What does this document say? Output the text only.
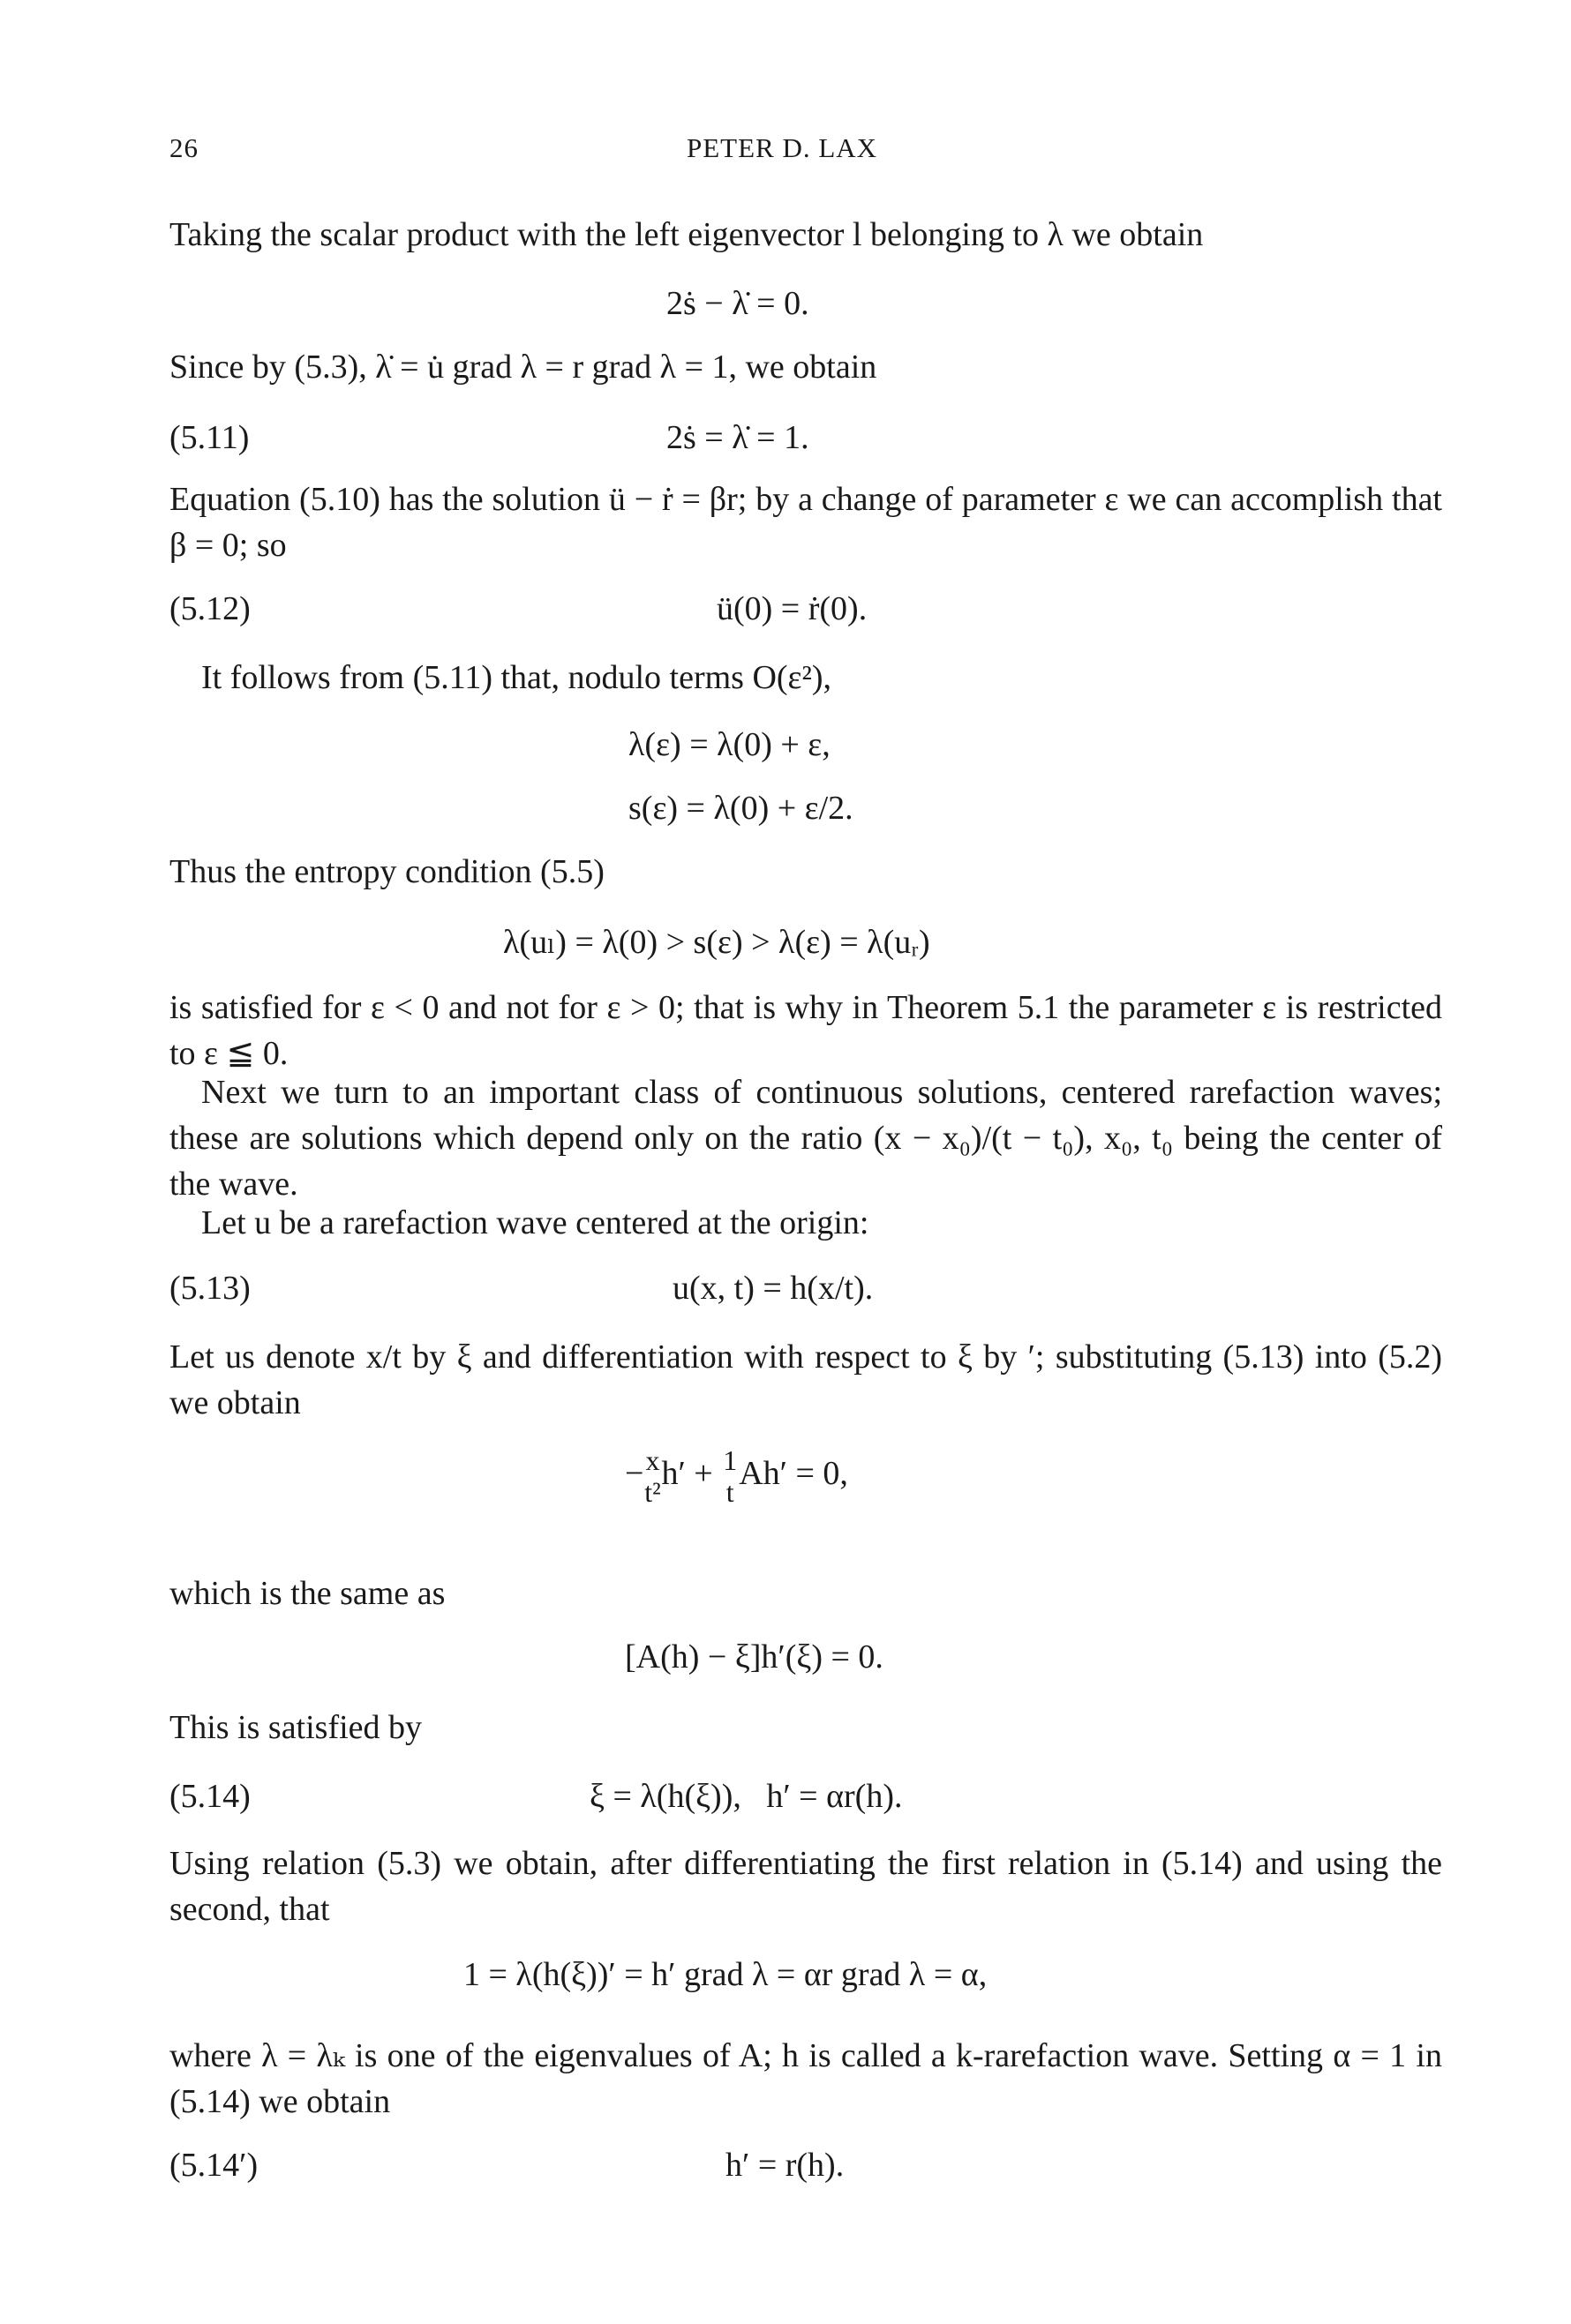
26	PETER D. LAX
Taking the scalar product with the left eigenvector l belonging to λ we obtain
2ṡ − λ̇ = 0.
Since by (5.3), λ̇ = u̇ grad λ = r grad λ = 1, we obtain
(5.11)	2ṡ = λ̇ = 1.
Equation (5.10) has the solution ü − ṙ = βr; by a change of parameter ε we can accomplish that β = 0; so
(5.12)	ü(0) = ṙ(0).
It follows from (5.11) that, nodulo terms O(ε²),
λ(ε) = λ(0) + ε,
s(ε) = λ(0) + ε/2.
Thus the entropy condition (5.5)
λ(uₗ) = λ(0) > s(ε) > λ(ε) = λ(uᵣ)
is satisfied for ε < 0 and not for ε > 0; that is why in Theorem 5.1 the parameter ε is restricted to ε ≦ 0.
Next we turn to an important class of continuous solutions, centered rarefaction waves; these are solutions which depend only on the ratio (x − x₀)/(t − t₀), x₀, t₀ being the center of the wave.
Let u be a rarefaction wave centered at the origin:
(5.13)	u(x, t) = h(x/t).
Let us denote x/t by ξ and differentiation with respect to ξ by ′; substituting (5.13) into (5.2) we obtain
− x
t²
h′ + 1
t
Ah′ = 0,
which is the same as
[A(h) − ξ]h′(ξ) = 0.
This is satisfied by
(5.14)	ξ = λ(h(ξ)),   h′ = αr(h).
Using relation (5.3) we obtain, after differentiating the first relation in (5.14) and using the second, that
1 = λ(h(ξ))′ = h′ grad λ = αr grad λ = α,
where λ = λₖ is one of the eigenvalues of A; h is called a k-rarefaction wave. Setting α = 1 in (5.14) we obtain
(5.14′)	h′ = r(h).
